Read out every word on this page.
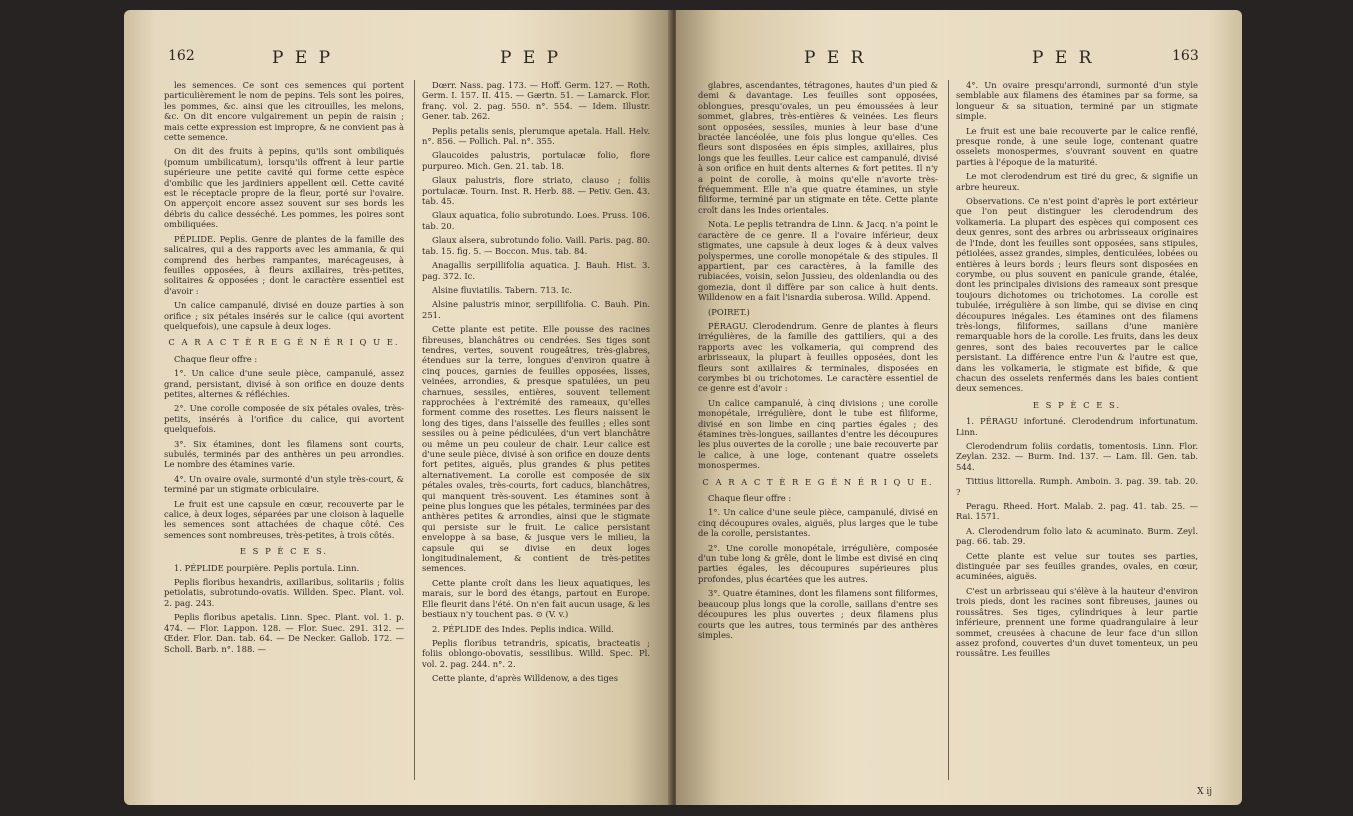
162	P E P	P E P

les semences. Ce sont ces semences qui portent particulièrement le nom de pepins. Tels sont les poires, les pommes, &c. ainsi que les citrouilles, les melons, &c. On dit encore vulgairement un pepin de raisin ; mais cette expression est impropre, & ne convient pas à cette semence.

On dit des fruits à pepins, qu'ils sont ombiliqués (pomum umbilicatum), lorsqu'ils offrent à leur partie supérieure une petite cavité qui forme cette espèce d'ombilic que les jardiniers appellent œil. Cette cavité est le réceptacle propre de la fleur, porté sur l'ovaire. On apperçoit encore assez souvent sur ses bords les débris du calice desséché. Les pommes, les poires sont ombiliquées.

PÉPLIDE. Peplis. Genre de plantes de la famille des salicaires, qui a des rapports avec les ammania, & qui comprend des herbes rampantes, marécageuses, à feuilles opposées, à fleurs axillaires, très-petites, solitaires & opposées ; dont le caractère essentiel est d'avoir :

Un calice campanulé, divisé en douze parties à son orifice ; six pétales insérés sur le calice (qui avortent quelquefois), une capsule à deux loges.

C A R A C T È R E G É N É R I Q U E.

Chaque fleur offre :

1°. Un calice d'une seule pièce, campanulé, assez grand, persistant, divisé à son orifice en douze dents petites, alternes & réfléchies.

2°. Une corolle composée de six pétales ovales, très-petits, insérés à l'orifice du calice, qui avortent quelquefois.

3°. Six étamines, dont les filamens sont courts, subulés, terminés par des anthères un peu arrondies. Le nombre des étamines varie.

4°. Un ovaire ovale, surmonté d'un style très-court, & terminé par un stigmate orbiculaire.

Le fruit est une capsule en cœur, recouverte par le calice, à deux loges, séparées par une cloison à laquelle les semences sont attachées de chaque côté. Ces semences sont nombreuses, très-petites, à trois côtés.

E S P È C E S.

1. PÉPLIDE pourpière. Peplis portula. Linn.

Peplis floribus hexandris, axillaribus, solitariis ; foliis petiolatis, subrotundo-ovatis. Willden. Spec. Plant. vol. 2. pag. 243.

Peplis floribus apetalis. Linn. Spec. Plant. vol. 1. p. 474. — Flor. Lappon. 128. — Flor. Suec. 291. 312. — Œder. Flor. Dan. tab. 64. — De Necker. Gallob. 172. — Scholl. Barb. n°. 188. —

Dœrr. Nass. pag. 173. — Hoff. Germ. 127. — Roth. Germ. I. 157. II. 415. — Gærtn. 51. — Lamarck. Flor. franç. vol. 2. pag. 550. n°. 554. — Idem. Illustr. Gener. tab. 262.

Peplis petalis senis, plerumque apetala. Hall. Helv. n°. 856. — Pollich. Pal. n°. 355.

Glaucoides palustris, portulacæ folio, flore purpureo. Mich. Gen. 21. tab. 18.

Glaux palustris, flore striato, clauso ; foliis portulacæ. Tourn. Inst. R. Herb. 88. — Petiv. Gen. 43. tab. 45.

Glaux aquatica, folio subrotundo. Loes. Pruss. 106. tab. 20.

Glaux alsera, subrotundo folio. Vaill. Paris. pag. 80. tab. 15. fig. 5. — Boccon. Mus. tab. 84.

Anagallis serpillifolia aquatica. J. Bauh. Hist. 3. pag. 372. Ic.

Alsine fluviatilis. Tabern. 713. Ic.

Alsine palustris minor, serpillifolia. C. Bauh. Pin. 251.

Cette plante est petite. Elle pousse des racines fibreuses, blanchâtres ou cendrées. Ses tiges sont tendres, vertes, souvent rougeâtres, très-glabres, étendues sur la terre, longues d'environ quatre à cinq pouces, garnies de feuilles opposées, lisses, veinées, arrondies, & presque spatulées, un peu charnues, sessiles, entières, souvent tellement rapprochées à l'extrémité des rameaux, qu'elles forment comme des rosettes. Les fleurs naissent le long des tiges, dans l'aisselle des feuilles ; elles sont sessiles ou à peine pédiculées, d'un vert blanchâtre ou même un peu couleur de chair. Leur calice est d'une seule pièce, divisé à son orifice en douze dents fort petites, aiguës, plus grandes & plus petites alternativement. La corolle est composée de six pétales ovales, très-courts, fort caducs, blanchâtres, qui manquent très-souvent. Les étamines sont à peine plus longues que les pétales, terminées par des anthères petites & arrondies, ainsi que le stigmate qui persiste sur le fruit. Le calice persistant enveloppe à sa base, & jusque vers le milieu, la capsule qui se divise en deux loges longitudinalement, & contient de très-petites semences.

Cette plante croît dans les lieux aquatiques, les marais, sur le bord des étangs, partout en Europe. Elle fleurit dans l'été. On n'en fait aucun usage, & les bestiaux n'y touchent pas. ⊙ (V. v.)

2. PÉPLIDE des Indes. Peplis indica. Willd.

Peplis floribus tetrandris, spicatis, bracteatis ; foliis oblongo-obovatis, sessilibus. Willd. Spec. Pl. vol. 2. pag. 244. n°. 2.

Cette plante, d'après Willdenow, a des tiges

P E R	P E R	163

glabres, ascendantes, tétragones, hautes d'un pied & demi & davantage. Les feuilles sont opposées, oblongues, presqu'ovales, un peu émoussées à leur sommet, glabres, très-entières & veinées. Les fleurs sont opposées, sessiles, munies à leur base d'une bractée lancéolée, une fois plus longue qu'elles. Ces fleurs sont disposées en épis simples, axillaires, plus longs que les feuilles. Leur calice est campanulé, divisé à son orifice en huit dents alternes & fort petites. Il n'y a point de corolle, à moins qu'elle n'avorte très-fréquemment. Elle n'a que quatre étamines, un style filiforme, terminé par un stigmate en tête. Cette plante croît dans les Indes orientales.

Nota. Le peplis tetrandra de Linn. & Jacq. n'a point le caractère de ce genre. Il a l'ovaire inférieur, deux stigmates, une capsule à deux loges & à deux valves polyspermes, une corolle monopétale & des stipules. Il appartient, par ces caractères, à la famille des rubiacées, voisin, selon Jussieu, des oldenlandia ou des gomezia, dont il diffère par son calice à huit dents. Willdenow en a fait l'isnardia suberosa. Willd. Append.

(POIRET.)

PÉRAGU. Clerodendrum. Genre de plantes à fleurs irrégulières, de la famille des gattiliers, qui a des rapports avec les volkameria, qui comprend des arbrisseaux, la plupart à feuilles opposées, dont les fleurs sont axillaires & terminales, disposées en corymbes bi ou trichotomes. Le caractère essentiel de ce genre est d'avoir :

Un calice campanulé, à cinq divisions ; une corolle monopétale, irrégulière, dont le tube est filiforme, divisé en son limbe en cinq parties égales ; des étamines très-longues, saillantes d'entre les découpures les plus ouvertes de la corolle ; une baie recouverte par le calice, à une loge, contenant quatre osselets monospermes.

C A R A C T È R E G É N É R I Q U E.

Chaque fleur offre :

1°. Un calice d'une seule pièce, campanulé, divisé en cinq découpures ovales, aiguës, plus larges que le tube de la corolle, persistantes.

2°. Une corolle monopétale, irrégulière, composée d'un tube long & grêle, dont le limbe est divisé en cinq parties égales, les découpures supérieures plus profondes, plus écartées que les autres.

3°. Quatre étamines, dont les filamens sont filiformes, beaucoup plus longs que la corolle, saillans d'entre ses découpures les plus ouvertes ; deux filamens plus courts que les autres, tous terminés par des anthères simples.

4°. Un ovaire presqu'arrondi, surmonté d'un style semblable aux filamens des étamines par sa forme, sa longueur & sa situation, terminé par un stigmate simple.

Le fruit est une baie recouverte par le calice renflé, presque ronde, à une seule loge, contenant quatre osselets monospermes, s'ouvrant souvent en quatre parties à l'époque de la maturité.

Le mot clerodendrum est tiré du grec, & signifie un arbre heureux.

Observations. Ce n'est point d'après le port extérieur que l'on peut distinguer les clerodendrum des volkameria. La plupart des espèces qui composent ces deux genres, sont des arbres ou arbrisseaux originaires de l'Inde, dont les feuilles sont opposées, sans stipules, pétiolées, assez grandes, simples, denticulées, lobées ou entières à leurs bords ; leurs fleurs sont disposées en corymbe, ou plus souvent en panicule grande, étalée, dont les principales divisions des rameaux sont presque toujours dichotomes ou trichotomes. La corolle est tubulée, irrégulière à son limbe, qui se divise en cinq découpures inégales. Les étamines ont des filamens très-longs, filiformes, saillans d'une manière remarquable hors de la corolle. Les fruits, dans les deux genres, sont des baies recouvertes par le calice persistant. La différence entre l'un & l'autre est que, dans les volkameria, le stigmate est bifide, & que chacun des osselets renfermés dans les baies contient deux semences.

E S P È C E S.

1. PÉRAGU infortuné. Clerodendrum infortunatum. Linn.

Clerodendrum foliis cordatis, tomentosis. Linn. Flor. Zeylan. 232. — Burm. Ind. 137. — Lam. Ill. Gen. tab. 544.

Tittius littorella. Rumph. Amboin. 3. pag. 39. tab. 20. ?

Peragu. Rheed. Hort. Malab. 2. pag. 41. tab. 25. — Rai. 1571.

A. Clerodendrum folio lato & acuminato. Burm. Zeyl. pag. 66. tab. 29.

Cette plante est velue sur toutes ses parties, distinguée par ses feuilles grandes, ovales, en cœur, acuminées, aiguës.

C'est un arbrisseau qui s'élève à la hauteur d'environ trois pieds, dont les racines sont fibreuses, jaunes ou roussâtres. Ses tiges, cylindriques à leur partie inférieure, prennent une forme quadrangulaire à leur sommet, creusées à chacune de leur face d'un sillon assez profond, couvertes d'un duvet tomenteux, un peu roussâtre. Les feuilles

X ij
